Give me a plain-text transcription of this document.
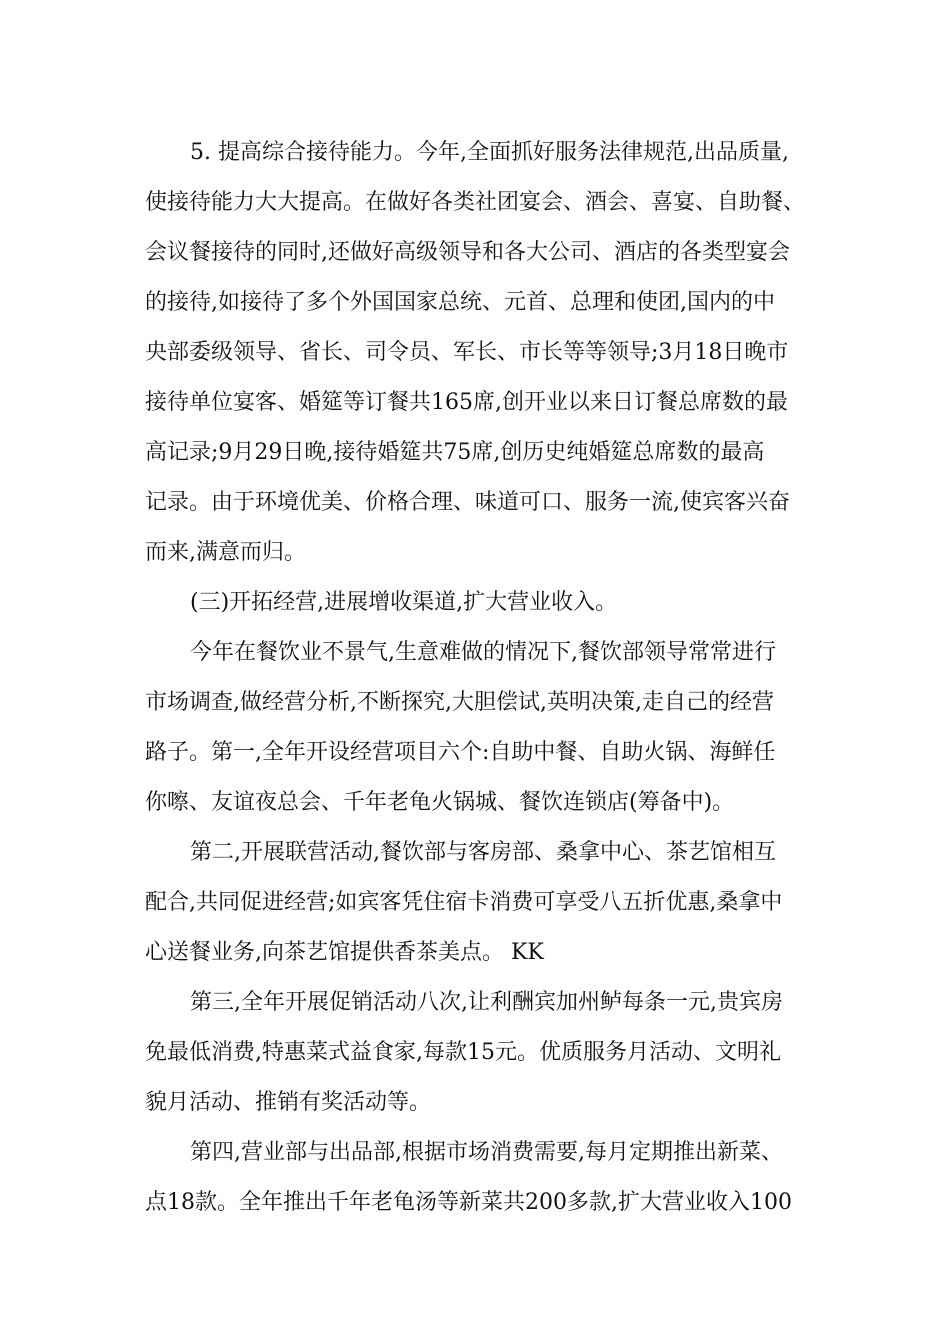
5. 提高综合接待能力。今年,全面抓好服务法律规范,出品质量,
使接待能力大大提高。在做好各类社团宴会、酒会、喜宴、自助餐、
会议餐接待的同时,还做好高级领导和各大公司、酒店的各类型宴会
的接待,如接待了多个外国国家总统、元首、总理和使团,国内的中
央部委级领导、省长、司令员、军长、市长等等领导;3月18日晚市
接待单位宴客、婚筵等订餐共165席,创开业以来日订餐总席数的最
高记录;9月29日晚,接待婚筵共75席,创历史纯婚筵总席数的最高
记录。由于环境优美、价格合理、味道可口、服务一流,使宾客兴奋
而来,满意而归。

(三)开拓经营,进展增收渠道,扩大营业收入。

今年在餐饮业不景气,生意难做的情况下,餐饮部领导常常进行
市场调查,做经营分析,不断探究,大胆偿试,英明决策,走自己的经营
路子。第一,全年开设经营项目六个:自助中餐、自助火锅、海鲜任
你嚓、友谊夜总会、千年老龟火锅城、餐饮连锁店(筹备中)。

第二,开展联营活动,餐饮部与客房部、桑拿中心、茶艺馆相互
配合,共同促进经营;如宾客凭住宿卡消费可享受八五折优惠,桑拿中
心送餐业务,向茶艺馆提供香茶美点。 KK

第三,全年开展促销活动八次,让利酬宾加州鲈每条一元,贵宾房
免最低消费,特惠菜式益食家,每款15元。优质服务月活动、文明礼
貌月活动、推销有奖活动等。

第四,营业部与出品部,根据市场消费需要,每月定期推出新菜、
点18款。全年推出千年老龟汤等新菜共200多款,扩大营业收入100
